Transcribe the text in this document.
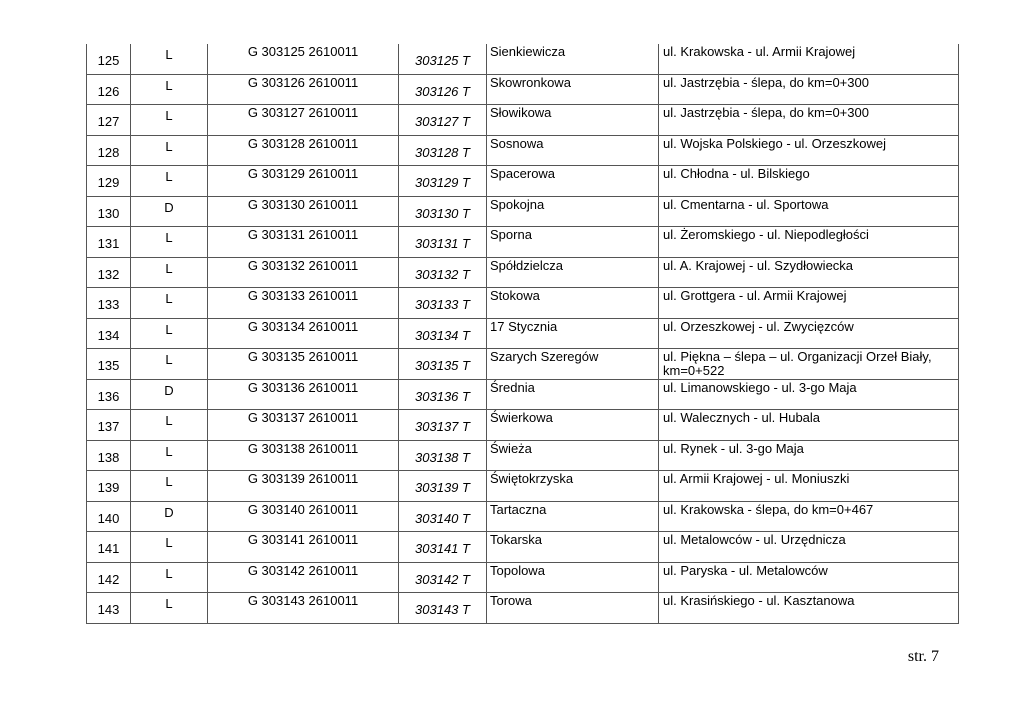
125	L	G 303125 2610011	303125 T	Sienkiewicza	ul. Krakowska - ul. Armii Krajowej

126	L	G 303126 2610011	303126 T	Skowronkowa	ul. Jastrzębia - ślepa, do km=0+300

127	L	G 303127 2610011	303127 T	Słowikowa	ul. Jastrzębia - ślepa, do km=0+300

128	L	G 303128 2610011	303128 T	Sosnowa	ul. Wojska Polskiego - ul. Orzeszkowej

129	L	G 303129 2610011	303129 T	Spacerowa	ul. Chłodna - ul. Bilskiego

130	D	G 303130 2610011	303130 T	Spokojna	ul. Cmentarna - ul. Sportowa

131	L	G 303131 2610011	303131 T	Sporna	ul. Żeromskiego - ul. Niepodległości

132	L	G 303132 2610011	303132 T	Spółdzielcza	ul. A. Krajowej - ul. Szydłowiecka

133	L	G 303133 2610011	303133 T	Stokowa	ul. Grottgera - ul. Armii Krajowej

134	L	G 303134 2610011	303134 T	17 Stycznia	ul. Orzeszkowej - ul. Zwycięzców

135	L	G 303135 2610011	303135 T	Szarych Szeregów	ul. Piękna – ślepa – ul. Organizacji Orzeł Biały, km=0+522

136	D	G 303136 2610011	303136 T	Średnia	ul. Limanowskiego - ul. 3-go Maja

137	L	G 303137 2610011	303137 T	Świerkowa	ul. Walecznych - ul. Hubala

138	L	G 303138 2610011	303138 T	Świeża	ul. Rynek - ul. 3-go Maja

139	L	G 303139 2610011	303139 T	Świętokrzyska	ul. Armii Krajowej - ul. Moniuszki

140	D	G 303140 2610011	303140 T	Tartaczna	ul. Krakowska - ślepa, do km=0+467

141	L	G 303141 2610011	303141 T	Tokarska	ul. Metalowców - ul. Urzędnicza

142	L	G 303142 2610011	303142 T	Topolowa	ul. Paryska - ul. Metalowców

143	L	G 303143 2610011	303143 T	Torowa	ul. Krasińskiego - ul. Kasztanowa
str. 7
